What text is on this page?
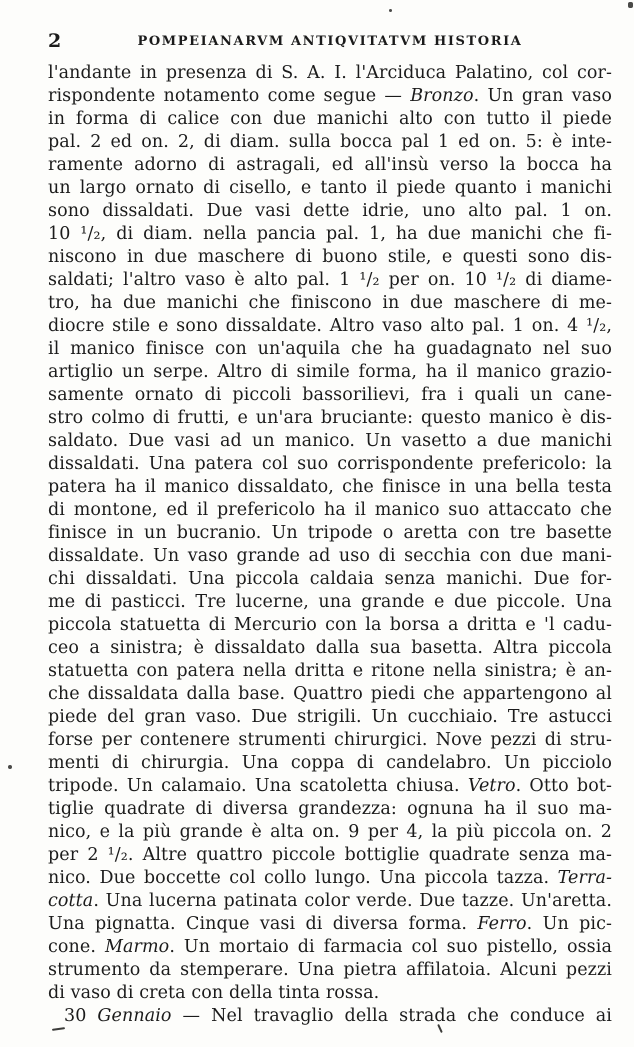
2	POMPEIANARVM ANTIQVITATVM HISTORIA
l'andante in presenza di S. A. I. l'Arciduca Palatino, col cor-
rispondente notamento come segue — Bronzo. Un gran vaso
in forma di calice con due manichi alto con tutto il piede
pal. 2 ed on. 2, di diam. sulla bocca pal 1 ed on. 5: è inte-
ramente adorno di astragali, ed all'insù verso la bocca ha
un largo ornato di cisello, e tanto il piede quanto i manichi
sono dissaldati. Due vasi dette idrie, uno alto pal. 1 on.
10 ¹/₂, di diam. nella pancia pal. 1, ha due manichi che fi-
niscono in due maschere di buono stile, e questi sono dis-
saldati; l'altro vaso è alto pal. 1 ¹/₂ per on. 10 ¹/₂ di diame-
tro, ha due manichi che finiscono in due maschere di me-
diocre stile e sono dissaldate. Altro vaso alto pal. 1 on. 4 ¹/₂,
il manico finisce con un'aquila che ha guadagnato nel suo
artiglio un serpe. Altro di simile forma, ha il manico grazio-
samente ornato di piccoli bassorilievi, fra i quali un cane-
stro colmo di frutti, e un'ara bruciante: questo manico è dis-
saldato. Due vasi ad un manico. Un vasetto a due manichi
dissaldati. Una patera col suo corrispondente prefericolo: la
patera ha il manico dissaldato, che finisce in una bella testa
di montone, ed il prefericolo ha il manico suo attaccato che
finisce in un bucranio. Un tripode o aretta con tre basette
dissaldate. Un vaso grande ad uso di secchia con due mani-
chi dissaldati. Una piccola caldaia senza manichi. Due for-
me di pasticci. Tre lucerne, una grande e due piccole. Una
piccola statuetta di Mercurio con la borsa a dritta e 'l cadu-
ceo a sinistra; è dissaldato dalla sua basetta. Altra piccola
statuetta con patera nella dritta e ritone nella sinistra; è an-
che dissaldata dalla base. Quattro piedi che appartengono al
piede del gran vaso. Due strigili. Un cucchiaio. Tre astucci
forse per contenere strumenti chirurgici. Nove pezzi di stru-
menti di chirurgia. Una coppa di candelabro. Un picciolo
tripode. Un calamaio. Una scatoletta chiusa. Vetro. Otto bot-
tiglie quadrate di diversa grandezza: ognuna ha il suo ma-
nico, e la più grande è alta on. 9 per 4, la più piccola on. 2
per 2 ¹/₂. Altre quattro piccole bottiglie quadrate senza ma-
nico. Due boccette col collo lungo. Una piccola tazza. Terra-
cotta. Una lucerna patinata color verde. Due tazze. Un'aretta.
Una pignatta. Cinque vasi di diversa forma. Ferro. Un pic-
cone. Marmo. Un mortaio di farmacia col suo pistello, ossia
strumento da stemperare. Una pietra affilatoia. Alcuni pezzi
di vaso di creta con della tinta rossa.
30 Gennaio — Nel travaglio della strada che conduce ai
